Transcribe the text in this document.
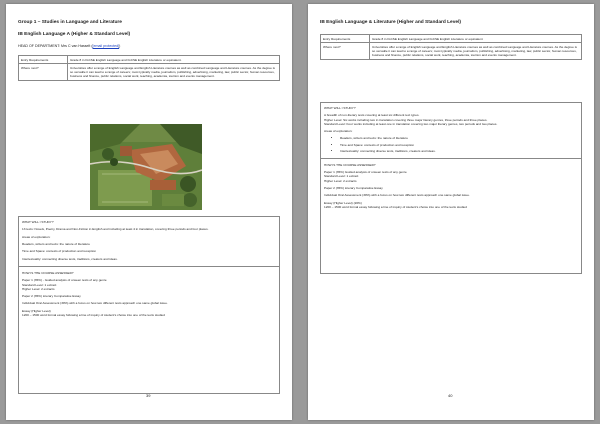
Group 1 – Studies in Language and Literature
IB English Language A (Higher & Standard Level)
HEAD OF DEPARTMENT: Mrs C van Hasselt ([email protected])
Entry Requirements	Grade 8 in IGCSE English Language and IGCSE English Literature or equivalent.
Where next?	Universities offer a range of English Language and English Literature courses as well as combined Language and Literature courses. As the degree is so versatile it can lead to a range of careers; most typically media, journalism, publishing, advertising, marketing, law, public sector, human resources, business and finance, public relations, social work, teaching, academia, tourism and events management.

WHAT WILL I STUDY?

13 texts: Novels, Poetry, Drama and Non-Fiction in English and including at least 4 in translation, covering three periods and four places.

Areas of exploration:

Readers, writers and texts: the nature of literature

Time and Space: contexts of production and reception

Intertextuality: connecting diverse texts, traditions, creators and ideas.

HOW IS THE COURSE ASSESSED?

Paper 1 (35%) - Guided analysis of unseen texts of any genre
Standard Level: 1 extract
Higher Level: 2 extracts
Paper 2 (35%) Literary Comparative Essay
Individual Oral Assessment (30%) with a focus on how two different texts approach one same global issue.
Essay (Higher Level)
1200 – 1500 word formal essay following a line of inquiry of student's choice into one of the texts studied
39
IB English Language & Literature (Higher and Standard Level)
Entry Requirements	Grade 8 in IGCSE English Language and IGCSE English Literature or equivalent
Where next?	Universities offer a range of English Language and English Literature courses as well as combined Language and Literature courses. As the degree is so versatile it can lead to a range of careers; most typically media, journalism, publishing, advertising, marketing, law, public sector, human resources, business and finance, public relations, social work, teaching, academia, tourism and events management.

WHAT WILL I STUDY?

A breadth of non-literary texts covering at least six different text types.
Higher Level: Six works including two in translation covering three major literary genres, three periods and three places.
Standard Level: Four works including at least one in translation covering two major literary genres, two periods and two places.

Areas of exploration:

• Readers, writers and texts: the nature of literature
• Time and Space: contexts of production and reception
• Intertextuality: connecting diverse texts, traditions, creators and ideas.

HOW IS THE COURSE ASSESSED?

Paper 1 (35%) Guided analysis of unseen texts of any genre
Standard Level: 1 extract
Higher Level: 2 extracts
Paper 2 (35%) Literary Comparative Essay
Individual Oral Assessment (30%) with a focus on how two different texts approach one same global issue.
Essay (Higher Level) (20%)
1200 – 1500 word formal essay following a line of inquiry of student's choice into one of the texts studied
40
